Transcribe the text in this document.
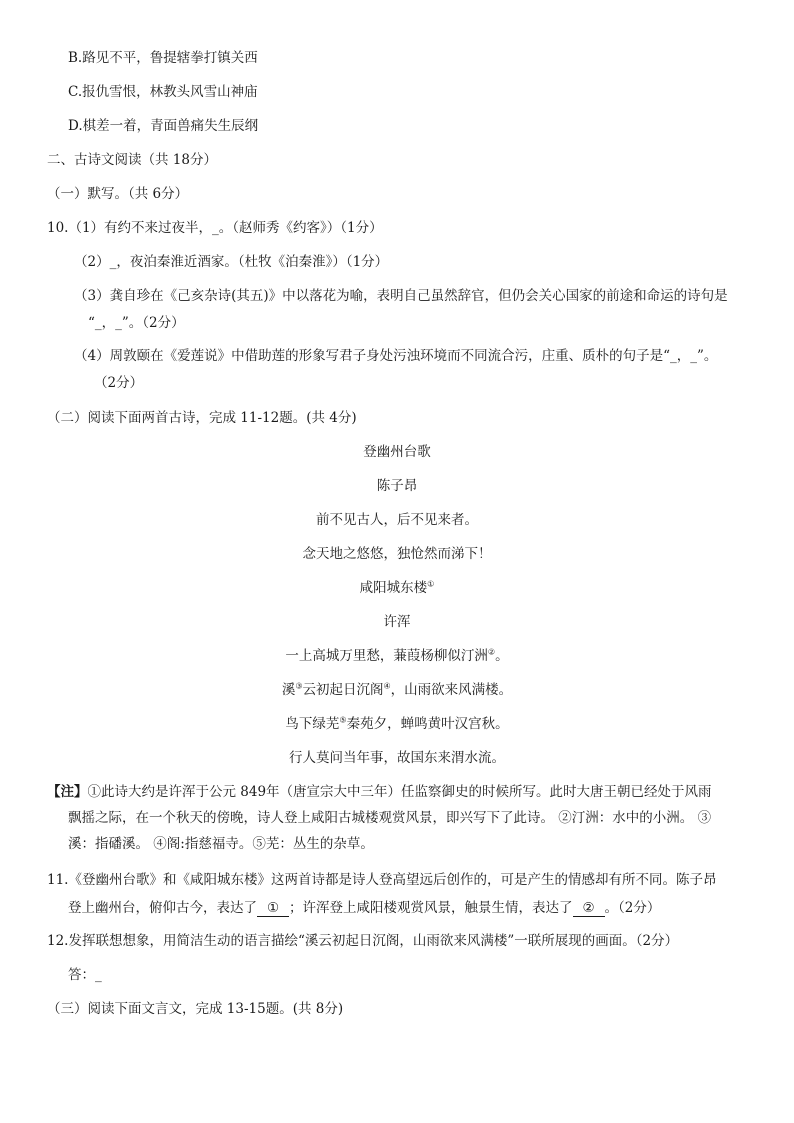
B.路见不平，鲁提辖拳打镇关西
C.报仇雪恨，林教头风雪山神庙
D.棋差一着，青面兽痛失生辰纲
二、古诗文阅读（共 18分）
（一）默写。（共 6分）
10.（1）有约不来过夜半，_。（赵师秀《约客》）（1分）
（2）_，夜泊秦淮近酒家。（杜牧《泊秦淮》）（1分）
（3）龚自珍在《己亥杂诗(其五)》中以落花为喻，表明自己虽然辞官，但仍会关心国家的前途和命运的诗句是
“_，_”。（2分）
（4）周敦颐在《爱莲说》中借助莲的形象写君子身处污浊环境而不同流合污，庄重、质朴的句子是“_，_”。
（2分）
（二）阅读下面两首古诗，完成 11-12题。(共 4分)
登幽州台歌
陈子昂
前不见古人，后不见来者。
念天地之悠悠，独怆然而涕下！
咸阳城东楼①
许浑
一上高城万里愁，蒹葭杨柳似汀洲②。
溪③云初起日沉阁④，山雨欲来风满楼。
鸟下绿芜⑤秦苑夕，蝉鸣黄叶汉宫秋。
行人莫问当年事，故国东来渭水流。
【注】①此诗大约是许浑于公元 849年（唐宣宗大中三年）任监察御史的时候所写。此时大唐王朝已经处于风雨
飘摇之际，在一个秋天的傍晚，诗人登上咸阳古城楼观赏风景，即兴写下了此诗。 ②汀洲：水中的小洲。 ③
溪：指磻溪。 ④阁:指慈福寺。⑤芜：丛生的杂草。
11.《登幽州台歌》和《咸阳城东楼》这两首诗都是诗人登高望远后创作的，可是产生的情感却有所不同。陈子昂
登上幽州台，俯仰古今，表达了 ① ；许浑登上咸阳楼观赏风景，触景生情，表达了 ② 。（2分）
12.发挥联想想象，用简洁生动的语言描绘“溪云初起日沉阁，山雨欲来风满楼”一联所展现的画面。（2分）
答：_
（三）阅读下面文言文，完成 13-15题。(共 8分)
